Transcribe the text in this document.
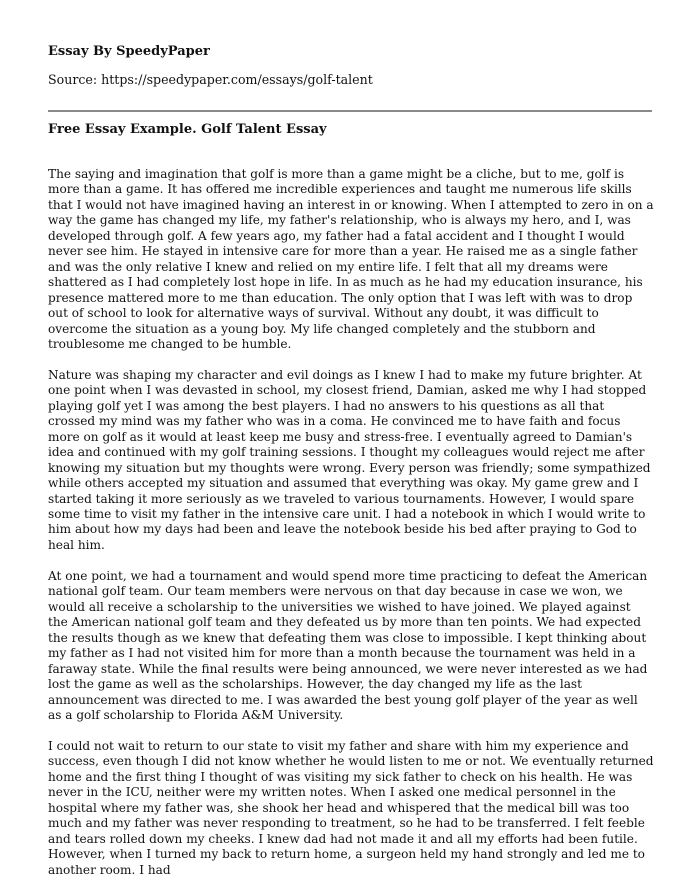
Essay By SpeedyPaper
Source: https://speedypaper.com/essays/golf-talent
Free Essay Example. Golf Talent Essay

The saying and imagination that golf is more than a game might be a cliche, but to me, golf is more than a game. It has offered me incredible experiences and taught me numerous life skills that I would not have imagined having an interest in or knowing. When I attempted to zero in on a way the game has changed my life, my father's relationship, who is always my hero, and I, was developed through golf. A few years ago, my father had a fatal accident and I thought I would never see him. He stayed in intensive care for more than a year. He raised me as a single father and was the only relative I knew and relied on my entire life. I felt that all my dreams were shattered as I had completely lost hope in life. In as much as he had my education insurance, his presence mattered more to me than education. The only option that I was left with was to drop out of school to look for alternative ways of survival. Without any doubt, it was difficult to overcome the situation as a young boy. My life changed completely and the stubborn and troublesome me changed to be humble.

Nature was shaping my character and evil doings as I knew I had to make my future brighter. At one point when I was devasted in school, my closest friend, Damian, asked me why I had stopped playing golf yet I was among the best players. I had no answers to his questions as all that crossed my mind was my father who was in a coma. He convinced me to have faith and focus more on golf as it would at least keep me busy and stress-free. I eventually agreed to Damian's idea and continued with my golf training sessions. I thought my colleagues would reject me after knowing my situation but my thoughts were wrong. Every person was friendly; some sympathized while others accepted my situation and assumed that everything was okay. My game grew and I started taking it more seriously as we traveled to various tournaments. However, I would spare some time to visit my father in the intensive care unit. I had a notebook in which I would write to him about how my days had been and leave the notebook beside his bed after praying to God to heal him.

At one point, we had a tournament and would spend more time practicing to defeat the American national golf team. Our team members were nervous on that day because in case we won, we would all receive a scholarship to the universities we wished to have joined. We played against the American national golf team and they defeated us by more than ten points. We had expected the results though as we knew that defeating them was close to impossible. I kept thinking about my father as I had not visited him for more than a month because the tournament was held in a faraway state. While the final results were being announced, we were never interested as we had lost the game as well as the scholarships. However, the day changed my life as the last announcement was directed to me. I was awarded the best young golf player of the year as well as a golf scholarship to Florida A&M University.

I could not wait to return to our state to visit my father and share with him my experience and success, even though I did not know whether he would listen to me or not. We eventually returned home and the first thing I thought of was visiting my sick father to check on his health. He was never in the ICU, neither were my written notes. When I asked one medical personnel in the hospital where my father was, she shook her head and whispered that the medical bill was too much and my father was never responding to treatment, so he had to be transferred. I felt feeble and tears rolled down my cheeks. I knew dad had not made it and all my efforts had been futile. However, when I turned my back to return home, a surgeon held my hand strongly and led me to another room. I had
